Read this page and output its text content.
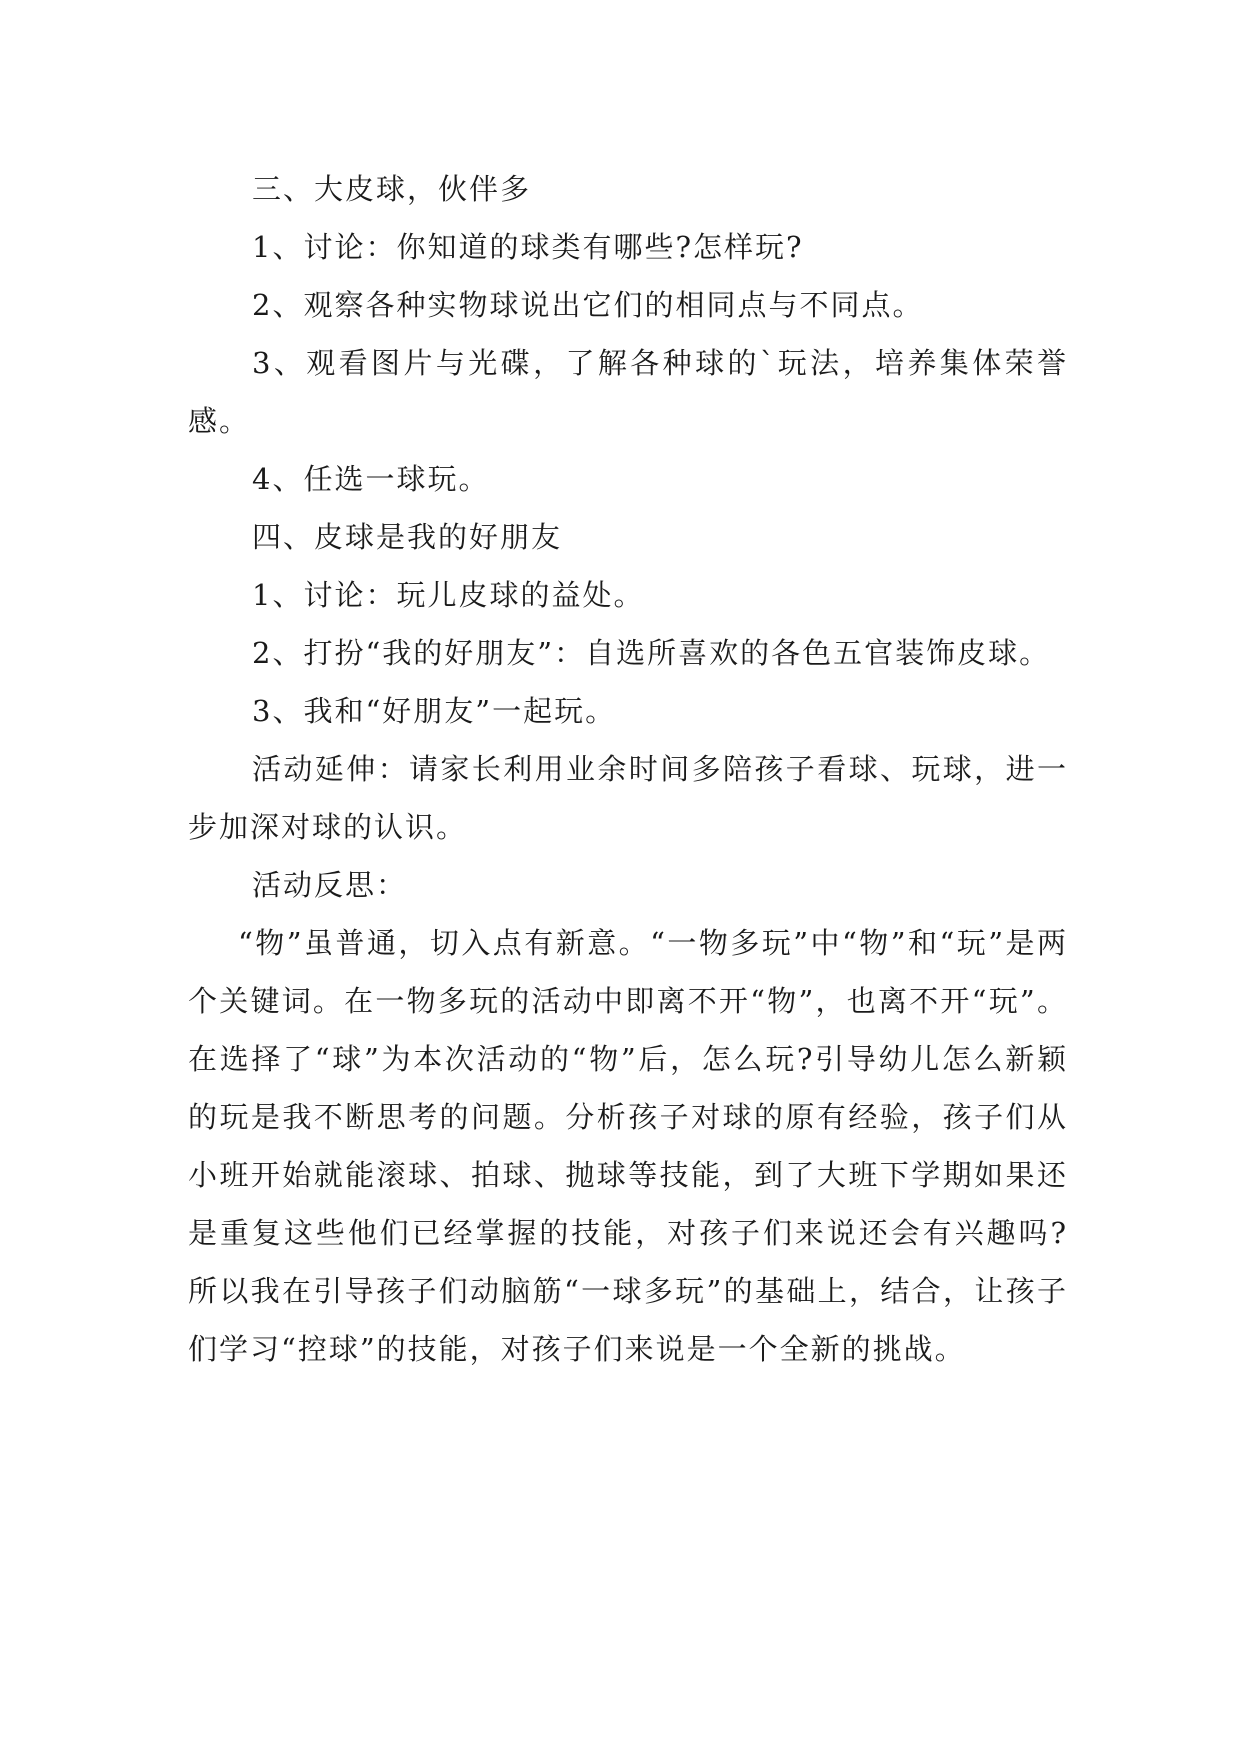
三、大皮球，伙伴多

1、讨论：你知道的球类有哪些?怎样玩?

2、观察各种实物球说出它们的相同点与不同点。

3、观看图片与光碟，了解各种球的`玩法，培养集体荣誉感。

4、任选一球玩。

四、皮球是我的好朋友

1、讨论：玩儿皮球的益处。

2、打扮“我的好朋友”：自选所喜欢的各色五官装饰皮球。

3、我和“好朋友”一起玩。

活动延伸：请家长利用业余时间多陪孩子看球、玩球，进一步加深对球的认识。

活动反思：

“物”虽普通，切入点有新意。“一物多玩”中“物”和“玩”是两个关键词。在一物多玩的活动中即离不开“物”，也离不开“玩”。在选择了“球”为本次活动的“物”后，怎么玩?引导幼儿怎么新颖的玩是我不断思考的问题。分析孩子对球的原有经验，孩子们从小班开始就能滚球、拍球、抛球等技能，到了大班下学期如果还是重复这些他们已经掌握的技能，对孩子们来说还会有兴趣吗?所以我在引导孩子们动脑筋“一球多玩”的基础上，结合，让孩子们学习“控球”的技能，对孩子们来说是一个全新的挑战。
